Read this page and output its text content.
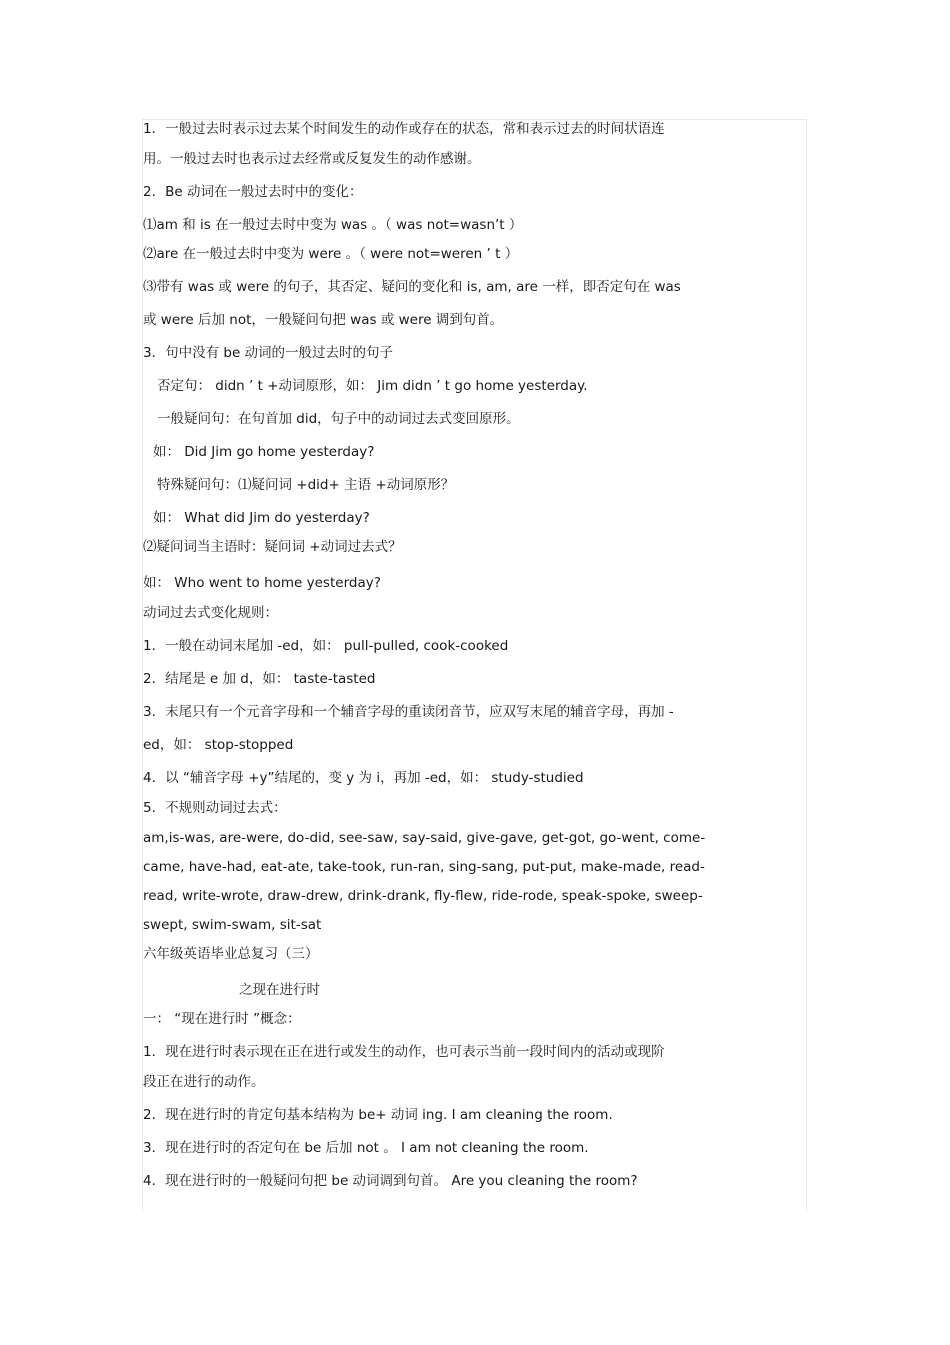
1．一般过去时表示过去某个时间发生的动作或存在的状态，常和表示过去的时间状语连
用。一般过去时也表示过去经常或反复发生的动作感谢。
2．Be 动词在一般过去时中的变化：
⑴am 和 is 在一般过去时中变为 was 。（ was not=wasn’t ）
⑵are 在一般过去时中变为 were 。（ were not=weren ’ t ）
⑶带有 was 或 were 的句子，其否定、疑问的变化和 is, am, are 一样，即否定句在 was
或 were 后加 not，一般疑问句把 was 或 were 调到句首。
3．句中没有 be 动词的一般过去时的句子
否定句： didn ’ t +动词原形，如： Jim didn ’ t go home yesterday.
一般疑问句：在句首加 did，句子中的动词过去式变回原形。
如： Did Jim go home yesterday?
特殊疑问句：⑴疑问词 +did+ 主语 +动词原形？
如： What did Jim do yesterday?
⑵疑问词当主语时：疑问词 +动词过去式？
如： Who went to home yesterday?
动词过去式变化规则：
1．一般在动词末尾加 -ed，如： pull-pulled, cook-cooked
2．结尾是 e 加 d，如： taste-tasted
3．末尾只有一个元音字母和一个辅音字母的重读闭音节，应双写末尾的辅音字母，再加 -
ed，如： stop-stopped
4．以 “辅音字母 +y”结尾的，变 y 为 i，再加 -ed，如： study-studied
5．不规则动词过去式：
am,is-was, are-were, do-did, see-saw, say-said, give-gave, get-got, go-went, come-
came, have-had, eat-ate, take-took, run-ran, sing-sang, put-put, make-made, read-
read, write-wrote, draw-drew, drink-drank, fly-flew, ride-rode, speak-spoke, sweep-
swept, swim-swam, sit-sat
六年级英语毕业总复习（三）
之现在进行时
一： “现在进行时 ”概念：
1．现在进行时表示现在正在进行或发生的动作，也可表示当前一段时间内的活动或现阶
段正在进行的动作。
2．现在进行时的肯定句基本结构为 be+ 动词 ing. I am cleaning the room.
3．现在进行时的否定句在 be 后加 not 。 I am not cleaning the room.
4．现在进行时的一般疑问句把 be 动词调到句首。 Are you cleaning the room?
